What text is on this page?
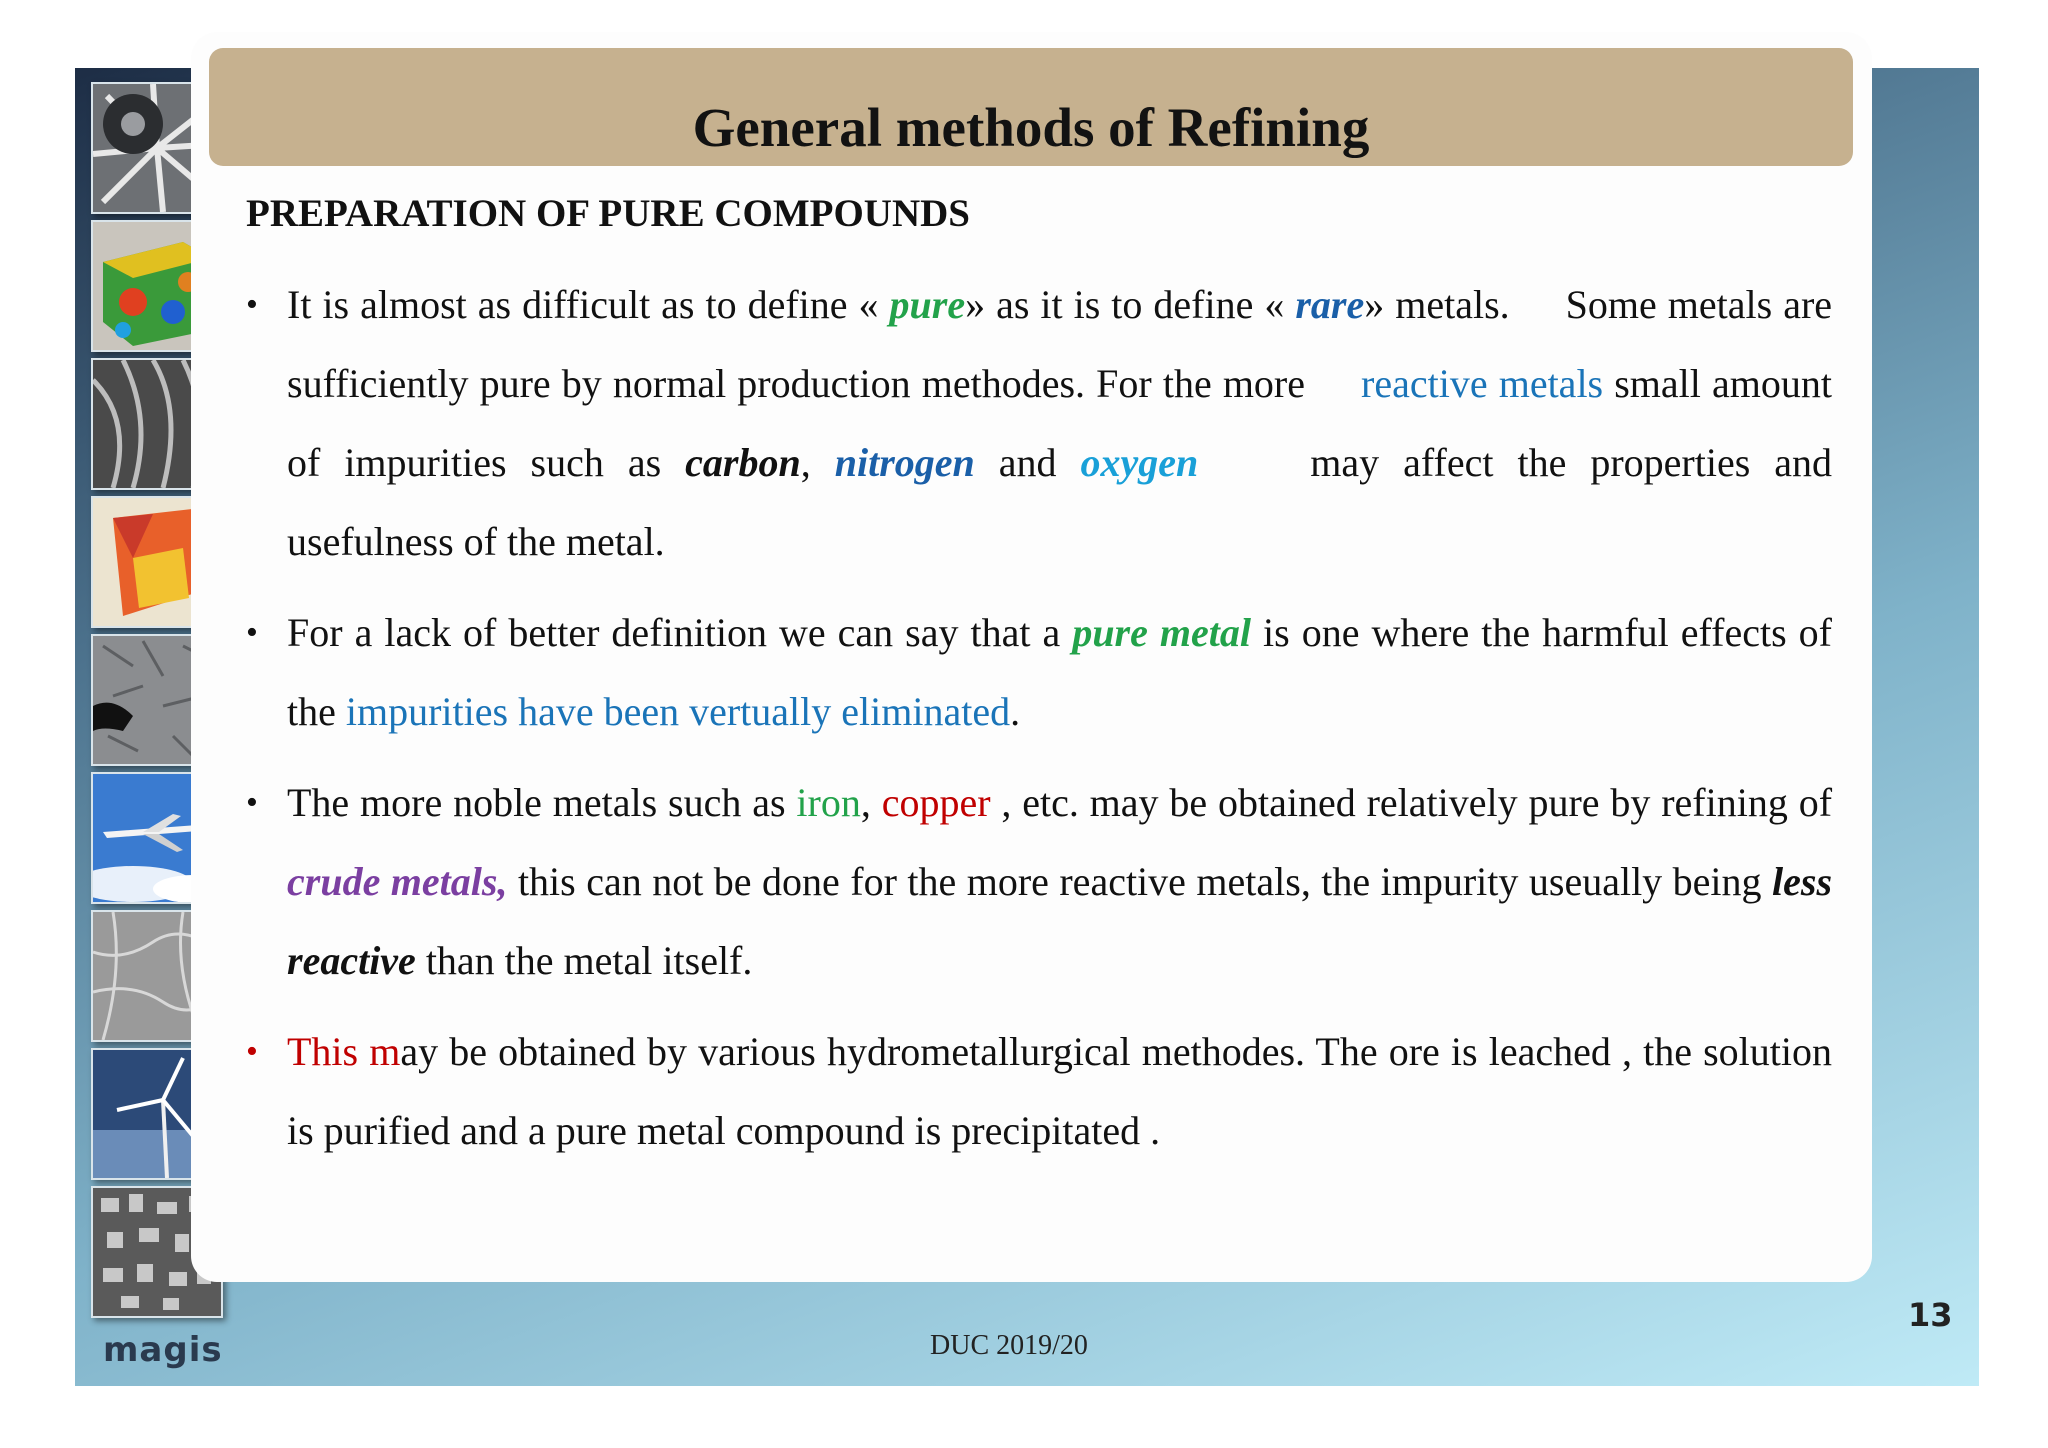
magis
General methods of Refining
PREPARATION OF PURE COMPOUNDS
• It is almost as difficult as to define « pure» as it is to define « rare» metals. Some metals are sufficiently pure by normal production methodes. For the more reactive metals small amount of impurities such as carbon, nitrogen and oxygen	may affect the properties and usefulness of the metal.
• For a lack of better definition we can say that a pure metal is one where the harmful effects of the impurities have been vertually eliminated.
• The more noble metals such as iron, copper , etc. may be obtained relatively pure by refining of crude metals, this can not be done for the more reactive metals, the impurity useually being less reactive than the metal itself.
• This may be obtained by various hydrometallurgical methodes. The ore is leached , the solution is purified and a pure metal compound is precipitated .
13
DUC 2019/20
